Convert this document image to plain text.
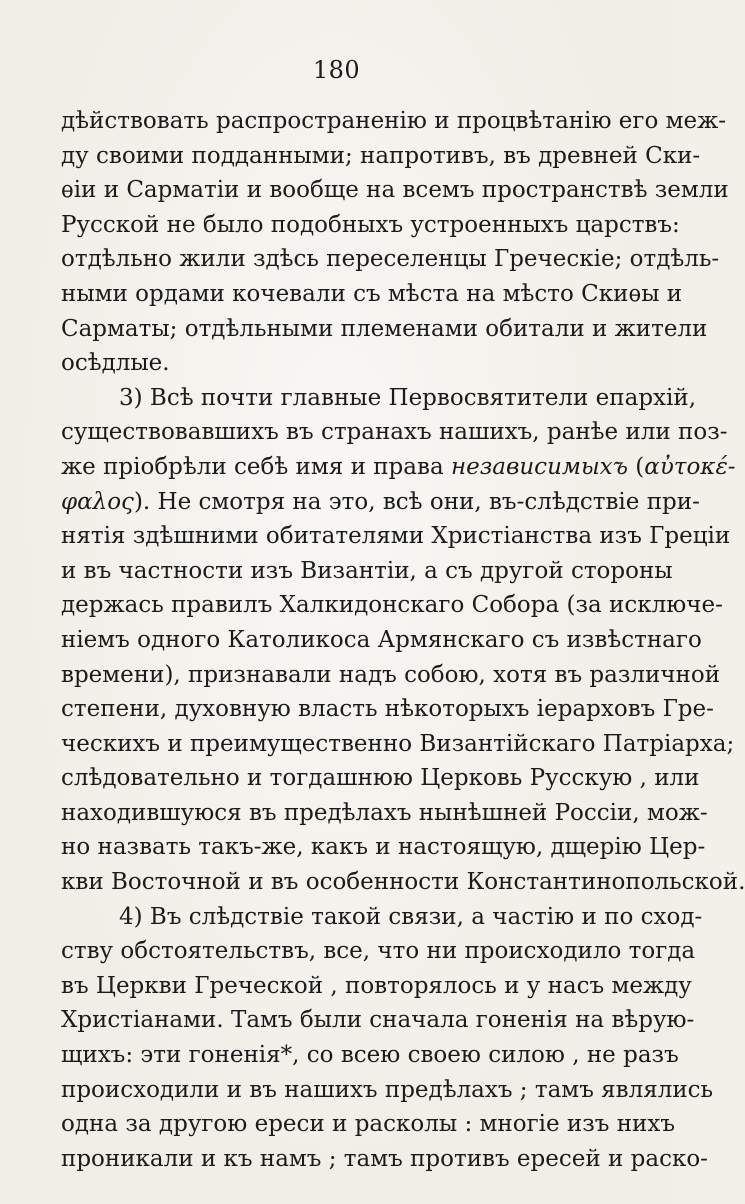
180
дѣйствовать распространенію и процвѣтанію его меж-
ду своими подданными; напротивъ, въ древней Ски-
ѳіи и Сарматіи и вообще на всемъ пространствѣ земли
Русской не было подобныхъ устроенныхъ царствъ:
отдѣльно жили здѣсь переселенцы Греческіе; отдѣль-
ными ордами кочевали съ мѣста на мѣсто Скиѳы и
Сарматы; отдѣльными племенами обитали и жители
осѣдлые.
3) Всѣ почти главные Первосвятители епархій,
существовавшихъ въ странахъ нашихъ, ранѣе или поз-
же пріобрѣли себѣ имя и права независимыхъ (αὐτοκέ-
φαλος). Не смотря на это, всѣ они, въ-слѣдствіе при-
нятія здѣшними обитателями Христіанства изъ Греціи
и въ частности изъ Византіи, а съ другой стороны
держась правилъ Халкидонскаго Собора (за исключе-
ніемъ одного Католикоса Армянскаго съ извѣстнаго
времени), признавали надъ собою, хотя въ различной
степени, духовную власть нѣкоторыхъ іерарховъ Гре-
ческихъ и преимущественно Византійскаго Патріарха;
слѣдовательно и тогдашнюю Церковь Русскую , или
находившуюся въ предѣлахъ нынѣшней Россіи, мож-
но назвать такъ-же, какъ и настоящую, дщерію Цер-
кви Восточной и въ особенности Константинопольской.
4) Въ слѣдствіе такой связи, а частію и по сход-
ству обстоятельствъ, все, что ни происходило тогда
въ Церкви Греческой , повторялось и у насъ между
Христіанами. Тамъ были сначала гоненія на вѣрую-
щихъ: эти гоненія*, со всею своею силою , не разъ
происходили и въ нашихъ предѣлахъ ; тамъ являлись
одна за другою ереси и расколы : многіе изъ нихъ
проникали и къ намъ ; тамъ противъ ересей и раско-
